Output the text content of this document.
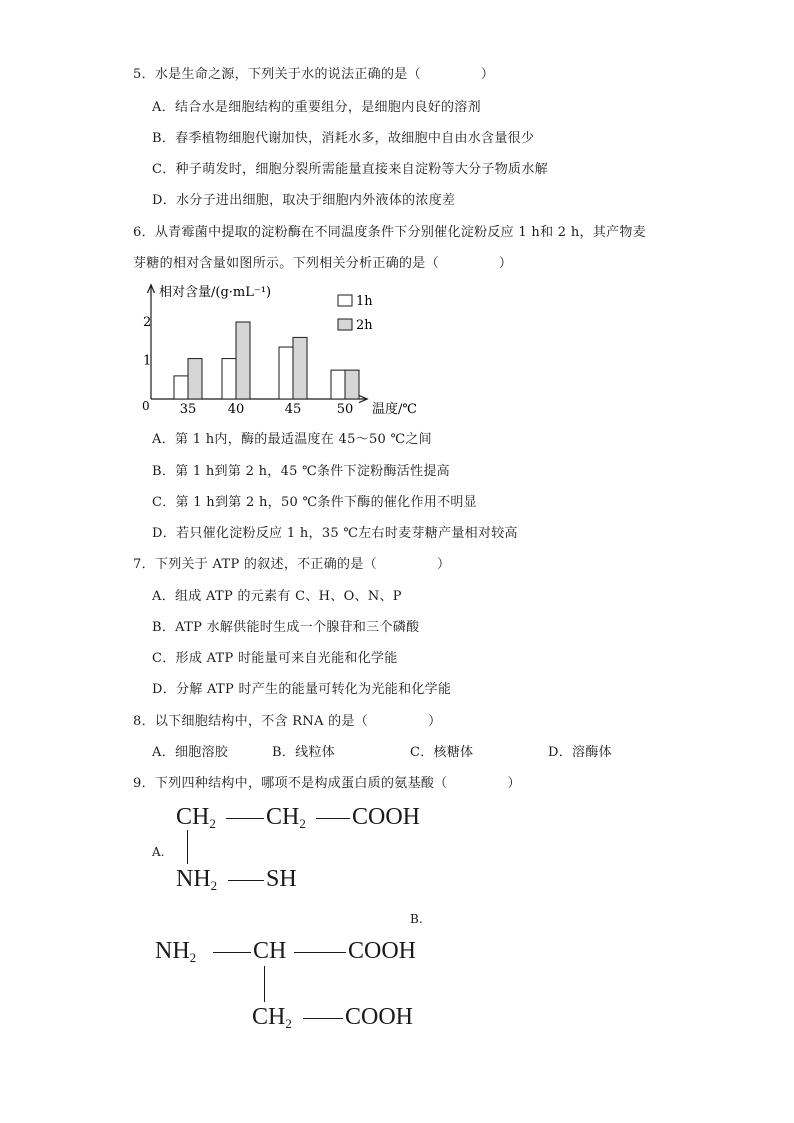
5．水是生命之源，下列关于水的说法正确的是（	）
A．结合水是细胞结构的重要组分，是细胞内良好的溶剂
B．春季植物细胞代谢加快，消耗水多，故细胞中自由水含量很少
C．种子萌发时，细胞分裂所需能量直接来自淀粉等大分子物质水解
D．水分子进出细胞，取决于细胞内外液体的浓度差
6．从青霉菌中提取的淀粉酶在不同温度条件下分别催化淀粉反应 1 h和 2 h，其产物麦
芽糖的相对含量如图所示。下列相关分析正确的是（	）
相对含量/(g·mL⁻¹)
0	温度/℃
1
2
35 40	45	50
1h
2h
A．第 1 h内，酶的最适温度在 45～50 ℃之间
B．第 1 h到第 2 h，45 ℃条件下淀粉酶活性提高
C．第 1 h到第 2 h，50 ℃条件下酶的催化作用不明显
D．若只催化淀粉反应 1 h，35 ℃左右时麦芽糖产量相对较高
7．下列关于 ATP 的叙述，不正确的是（	）
A．组成 ATP 的元素有 C、H、O、N、P
B．ATP 水解供能时生成一个腺苷和三个磷酸
C．形成 ATP 时能量可来自光能和化学能
D．分解 ATP 时产生的能量可转化为光能和化学能
8．以下细胞结构中，不含 RNA 的是（	）
A．细胞溶胶	B．线粒体	C．核糖体	D．溶酶体
9．下列四种结构中，哪项不是构成蛋白质的氨基酸（	）
$CH_2$ $CH_2$ COOH
A.
$NH_2$ SH
B.
$NH_2$ CH	COOH
$CH_2$ COOH
